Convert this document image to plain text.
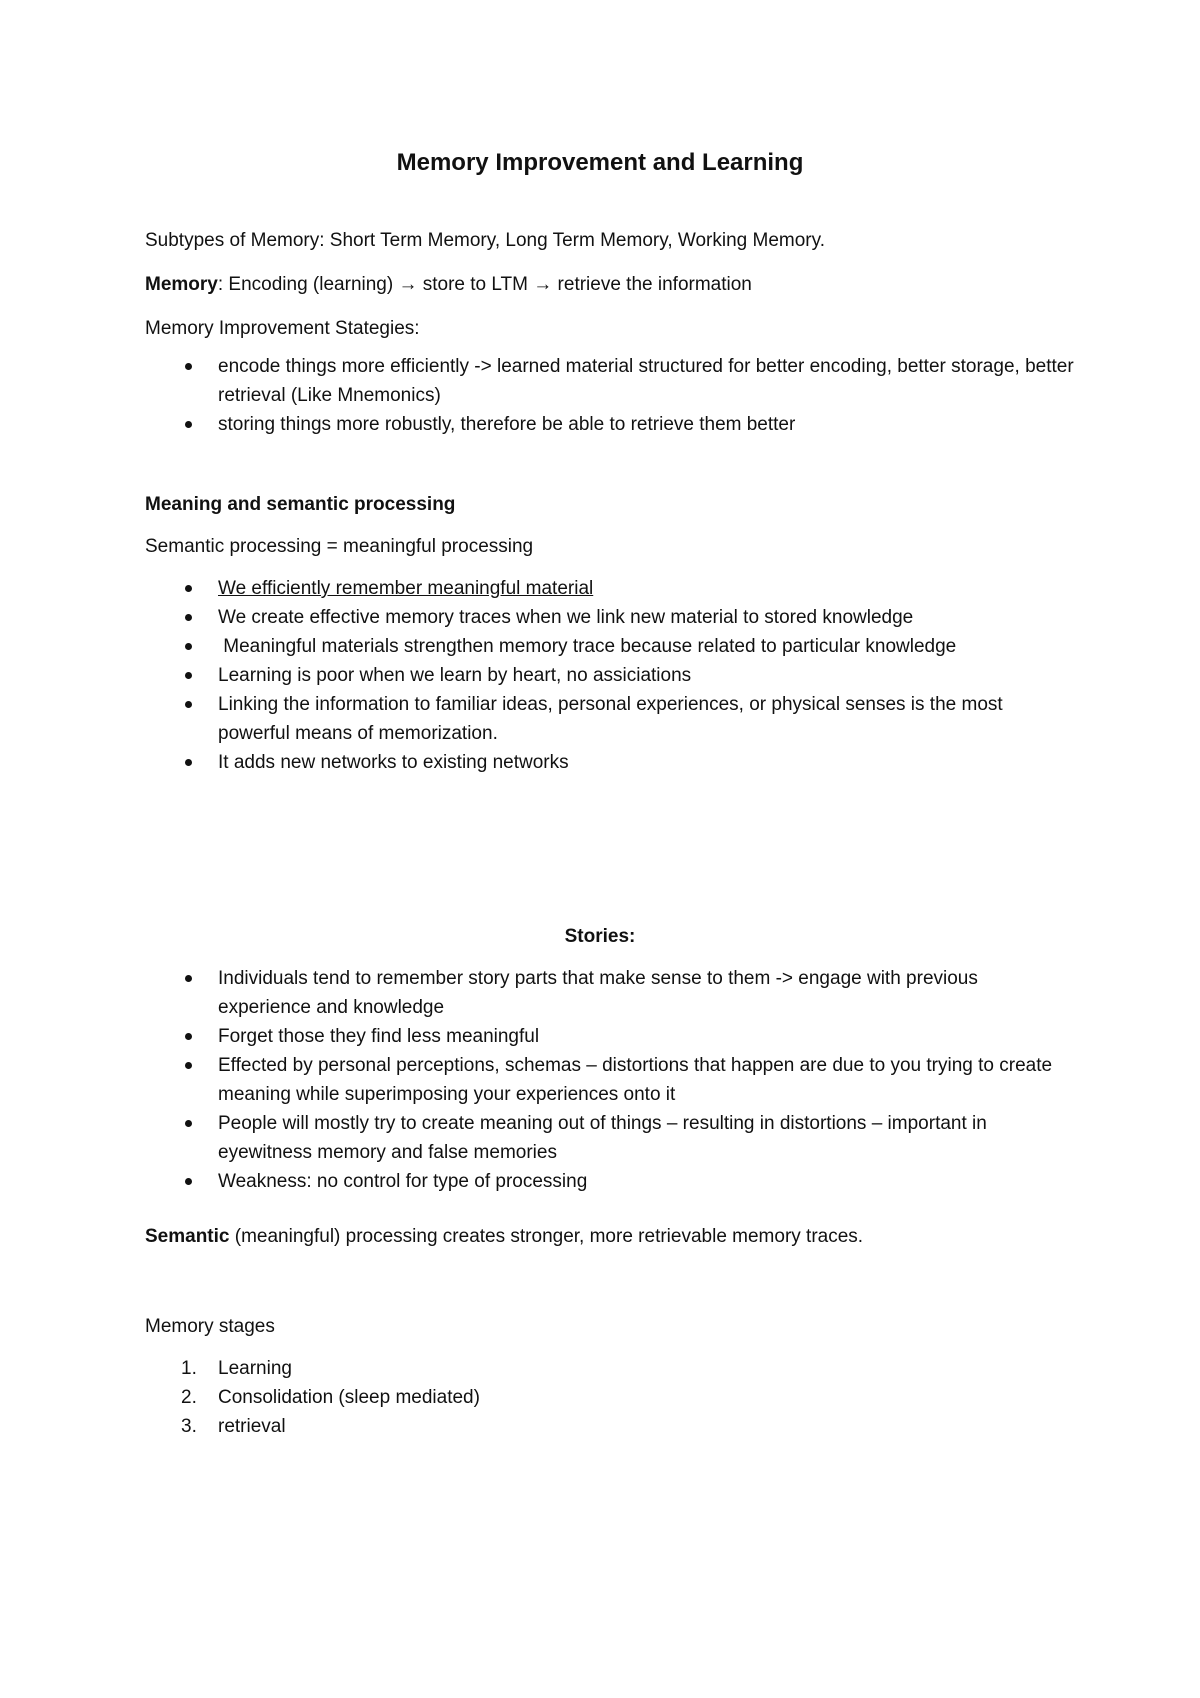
Memory Improvement and Learning
Subtypes of Memory: Short Term Memory, Long Term Memory, Working Memory.
Memory: Encoding (learning) → store to LTM → retrieve the information
Memory Improvement Stategies:
encode things more efficiently -> learned material structured for better encoding, better storage, better retrieval (Like Mnemonics)
storing things more robustly, therefore be able to retrieve them better
Meaning and semantic processing
Semantic processing = meaningful processing
We efficiently remember meaningful material
We create effective memory traces when we link new material to stored knowledge
Meaningful materials strengthen memory trace because related to particular knowledge
Learning is poor when we learn by heart, no assiciations
Linking the information to familiar ideas, personal experiences, or physical senses is the most powerful means of memorization.
It adds new networks to existing networks
Stories:
Individuals tend to remember story parts that make sense to them -> engage with previous experience and knowledge
Forget those they find less meaningful
Effected by personal perceptions, schemas – distortions that happen are due to you trying to create meaning while superimposing your experiences onto it
People will mostly try to create meaning out of things – resulting in distortions – important in eyewitness memory and false memories
Weakness: no control for type of processing
Semantic (meaningful) processing creates stronger, more retrievable memory traces.
Memory stages
1. Learning
2. Consolidation (sleep mediated)
3. retrieval
